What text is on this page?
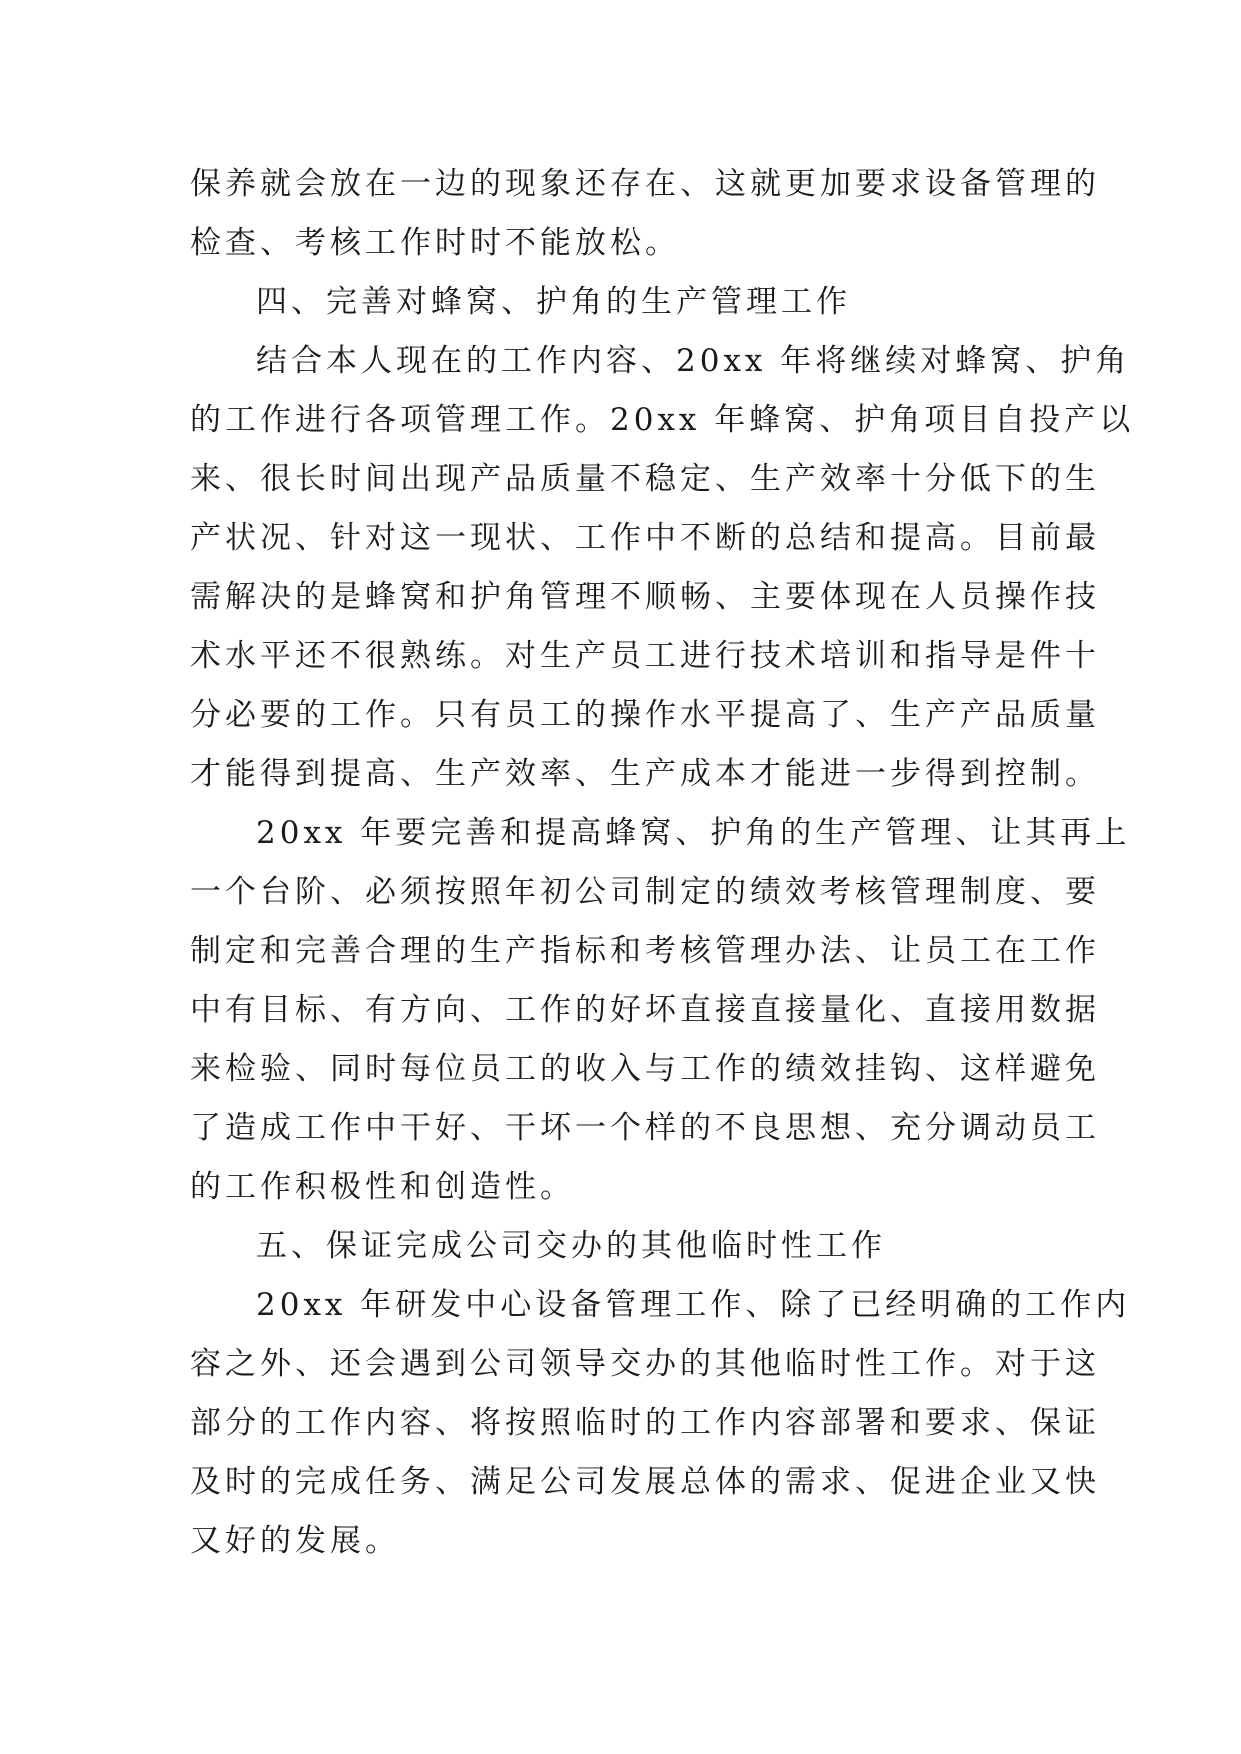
保养就会放在一边的现象还存在、这就更加要求设备管理的
检查、考核工作时时不能放松。
四、完善对蜂窝、护角的生产管理工作
结合本人现在的工作内容、20xx 年将继续对蜂窝、护角
的工作进行各项管理工作。20xx 年蜂窝、护角项目自投产以
来、很长时间出现产品质量不稳定、生产效率十分低下的生
产状况、针对这一现状、工作中不断的总结和提高。目前最
需解决的是蜂窝和护角管理不顺畅、主要体现在人员操作技
术水平还不很熟练。对生产员工进行技术培训和指导是件十
分必要的工作。只有员工的操作水平提高了、生产产品质量
才能得到提高、生产效率、生产成本才能进一步得到控制。
20xx 年要完善和提高蜂窝、护角的生产管理、让其再上
一个台阶、必须按照年初公司制定的绩效考核管理制度、要
制定和完善合理的生产指标和考核管理办法、让员工在工作
中有目标、有方向、工作的好坏直接直接量化、直接用数据
来检验、同时每位员工的收入与工作的绩效挂钩、这样避免
了造成工作中干好、干坏一个样的不良思想、充分调动员工
的工作积极性和创造性。
五、保证完成公司交办的其他临时性工作
20xx 年研发中心设备管理工作、除了已经明确的工作内
容之外、还会遇到公司领导交办的其他临时性工作。对于这
部分的工作内容、将按照临时的工作内容部署和要求、保证
及时的完成任务、满足公司发展总体的需求、促进企业又快
又好的发展。
